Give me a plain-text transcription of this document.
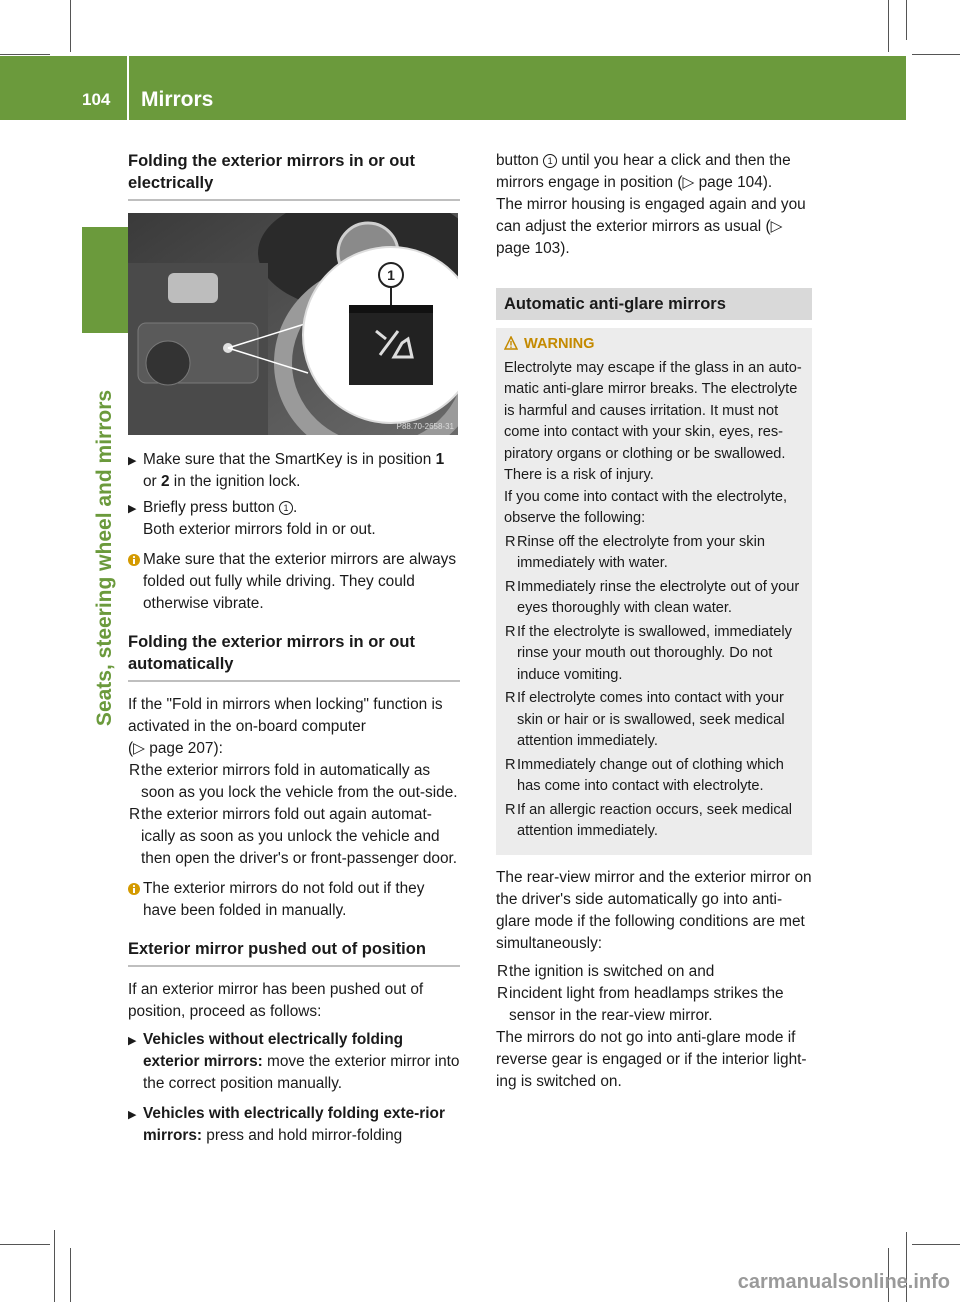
104 Mirrors
Seats, steering wheel and mirrors
Folding the exterior mirrors in or out electrically
1
P88.70-2658-31
▶ Make sure that the SmartKey is in position 1 or 2 in the ignition lock.
▶ Briefly press button 1 .
Both exterior mirrors fold in or out.
Make sure that the exterior mirrors are always folded out fully while driving. They could otherwise vibrate.
Folding the exterior mirrors in or out automatically
If the "Fold in mirrors when locking" function is activated in the on-board computer
(▷ page 207):
R the exterior mirrors fold in automatically as soon as you lock the vehicle from the out-side.
R the exterior mirrors fold out again automat-ically as soon as you unlock the vehicle and then open the driver's or front-passenger door.
The exterior mirrors do not fold out if they have been folded in manually.
Exterior mirror pushed out of position
If an exterior mirror has been pushed out of position, proceed as follows:
▶ Vehicles without electrically folding exterior mirrors: move the exterior mirror into the correct position manually.
▶ Vehicles with electrically folding exte-rior mirrors: press and hold mirror-folding
button 1 until you hear a click and then the mirrors engage in position (▷ page 104).
The mirror housing is engaged again and you can adjust the exterior mirrors as usual (▷ page 103).
Automatic anti-glare mirrors
WARNING
Electrolyte may escape if the glass in an auto-matic anti-glare mirror breaks. The electrolyte is harmful and causes irritation. It must not come into contact with your skin, eyes, res-piratory organs or clothing or be swallowed. There is a risk of injury.
If you come into contact with the electrolyte, observe the following:
R Rinse off the electrolyte from your skin immediately with water.
R Immediately rinse the electrolyte out of your eyes thoroughly with clean water.
R If the electrolyte is swallowed, immediately rinse your mouth out thoroughly. Do not induce vomiting.
R If electrolyte comes into contact with your skin or hair or is swallowed, seek medical attention immediately.
R Immediately change out of clothing which has come into contact with electrolyte.
R If an allergic reaction occurs, seek medical attention immediately.
The rear-view mirror and the exterior mirror on the driver's side automatically go into anti-glare mode if the following conditions are met simultaneously:
R the ignition is switched on and
R incident light from headlamps strikes the sensor in the rear-view mirror.
The mirrors do not go into anti-glare mode if reverse gear is engaged or if the interior light-ing is switched on.
carmanualsonline.info
